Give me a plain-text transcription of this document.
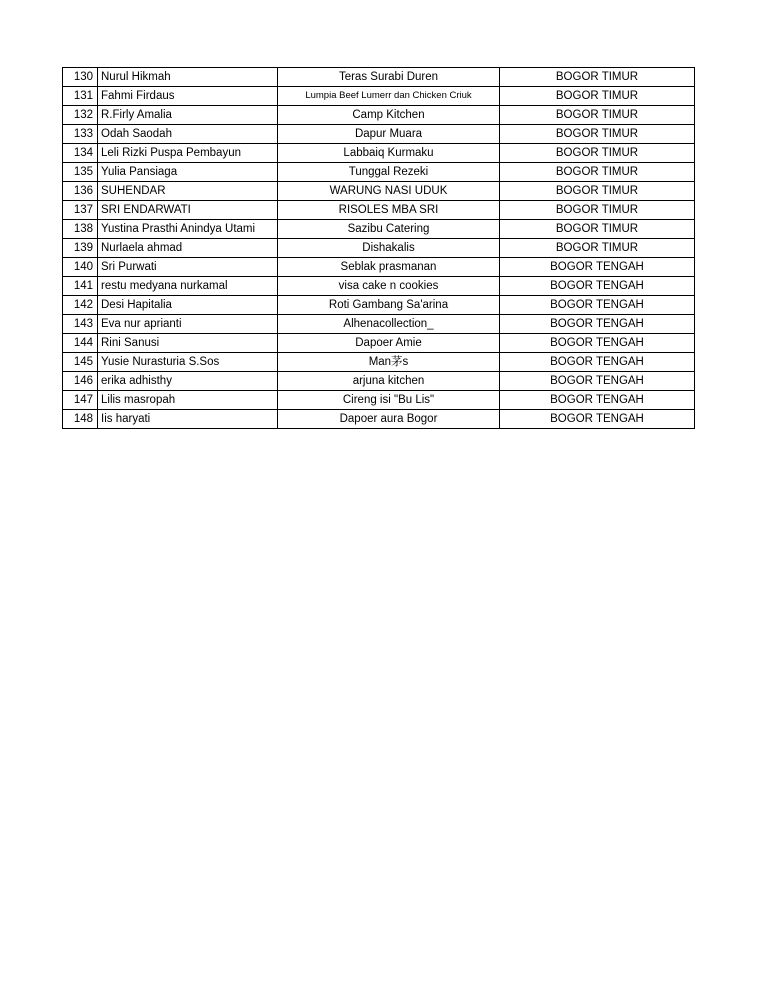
130	Nurul Hikmah	Teras Surabi Duren	BOGOR TIMUR
131	Fahmi Firdaus	Lumpia Beef Lumerr dan Chicken Criuk	BOGOR TIMUR
132	R.Firly Amalia	Camp Kitchen	BOGOR TIMUR
133	Odah Saodah	Dapur Muara	BOGOR TIMUR
134	Leli Rizki Puspa Pembayun	Labbaiq Kurmaku	BOGOR TIMUR
135	Yulia Pansiaga	Tunggal Rezeki	BOGOR TIMUR
136	SUHENDAR	WARUNG NASI UDUK	BOGOR TIMUR
137	SRI ENDARWATI	RISOLES MBA SRI	BOGOR TIMUR
138	Yustina Prasthi Anindya Utami	Sazibu Catering	BOGOR TIMUR
139	Nurlaela ahmad	Dishakalis	BOGOR TIMUR
140	Sri Purwati	Seblak prasmanan	BOGOR TENGAH
141	restu medyana nurkamal	visa cake n cookies	BOGOR TENGAH
142	Desi Hapitalia	Roti Gambang Sa'arina	BOGOR TENGAH
143	Eva nur aprianti	Alhenacollection_	BOGOR TENGAH
144	Rini Sanusi	Dapoer Amie	BOGOR TENGAH
145	Yusie Nurasturia S.Sos	Man茅s	BOGOR TENGAH
146	erika adhisthy	arjuna kitchen	BOGOR TENGAH
147	Lilis masropah	Cireng isi "Bu Lis"	BOGOR TENGAH
148	Iis haryati	Dapoer aura Bogor	BOGOR TENGAH
